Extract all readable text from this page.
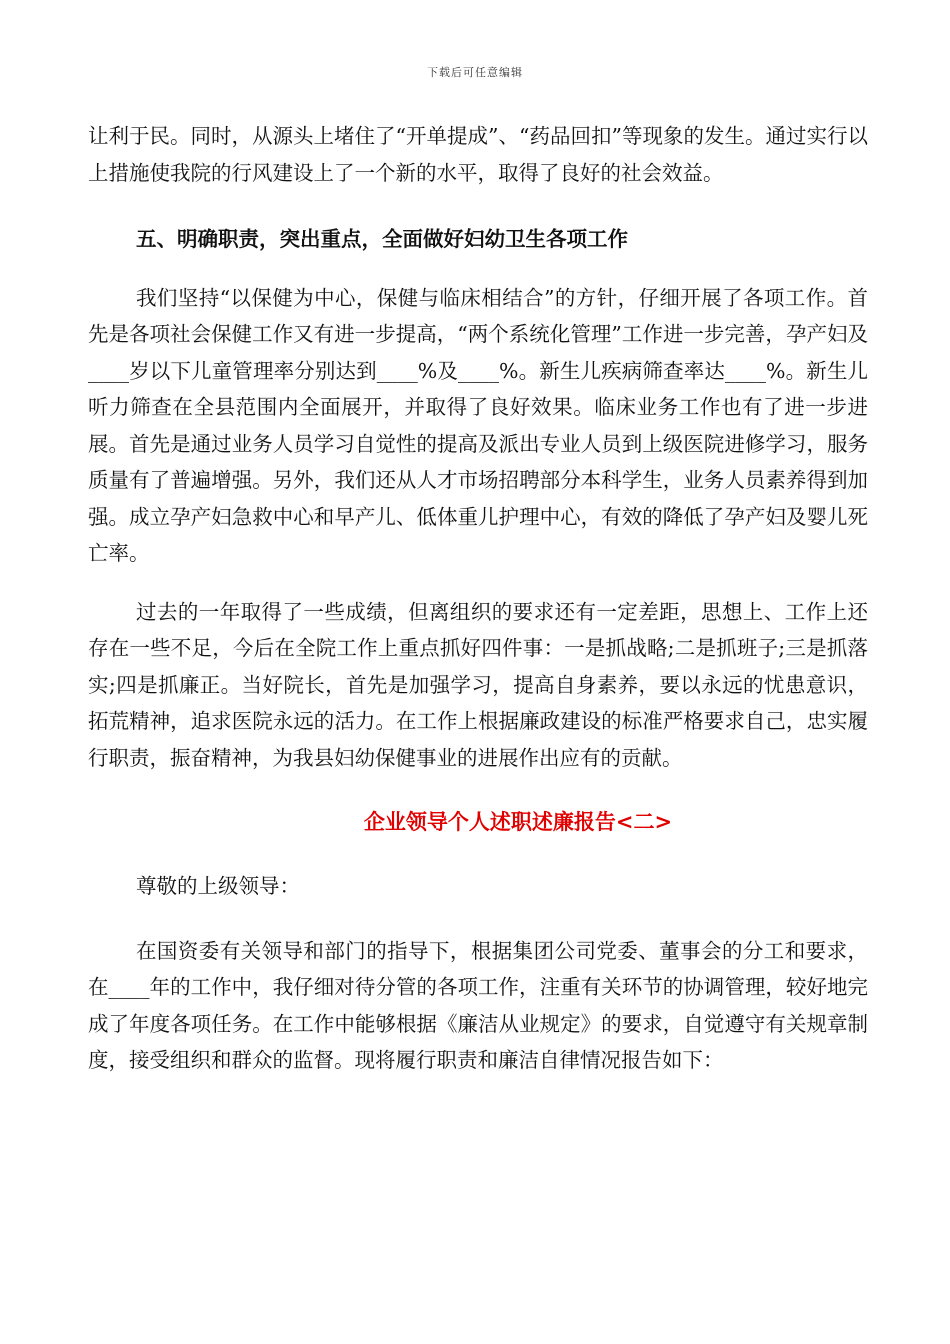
下载后可任意编辑

让利于民。同时，从源头上堵住了“开单提成”、“药品回扣”等现象的发生。通过实行以上措施使我院的行风建设上了一个新的水平，取得了良好的社会效益。

五、明确职责，突出重点，全面做好妇幼卫生各项工作

我们坚持“以保健为中心，保健与临床相结合”的方针，仔细开展了各项工作。首先是各项社会保健工作又有进一步提高，“两个系统化管理”工作进一步完善，孕产妇及____岁以下儿童管理率分别达到____%及____%。新生儿疾病筛查率达____%。新生儿听力筛查在全县范围内全面展开，并取得了良好效果。临床业务工作也有了进一步进展。首先是通过业务人员学习自觉性的提高及派出专业人员到上级医院进修学习，服务质量有了普遍增强。另外，我们还从人才市场招聘部分本科学生，业务人员素养得到加强。成立孕产妇急救中心和早产儿、低体重儿护理中心，有效的降低了孕产妇及婴儿死亡率。

过去的一年取得了一些成绩，但离组织的要求还有一定差距，思想上、工作上还存在一些不足，今后在全院工作上重点抓好四件事：一是抓战略;二是抓班子;三是抓落实;四是抓廉正。当好院长，首先是加强学习，提高自身素养，要以永远的忧患意识，拓荒精神，追求医院永远的活力。在工作上根据廉政建设的标准严格要求自己，忠实履行职责，振奋精神，为我县妇幼保健事业的进展作出应有的贡献。

企业领导个人述职述廉报告<二>

尊敬的上级领导：

在国资委有关领导和部门的指导下，根据集团公司党委、董事会的分工和要求，在____年的工作中，我仔细对待分管的各项工作，注重有关环节的协调管理，较好地完成了年度各项任务。在工作中能够根据《廉洁从业规定》的要求，自觉遵守有关规章制度，接受组织和群众的监督。现将履行职责和廉洁自律情况报告如下：
